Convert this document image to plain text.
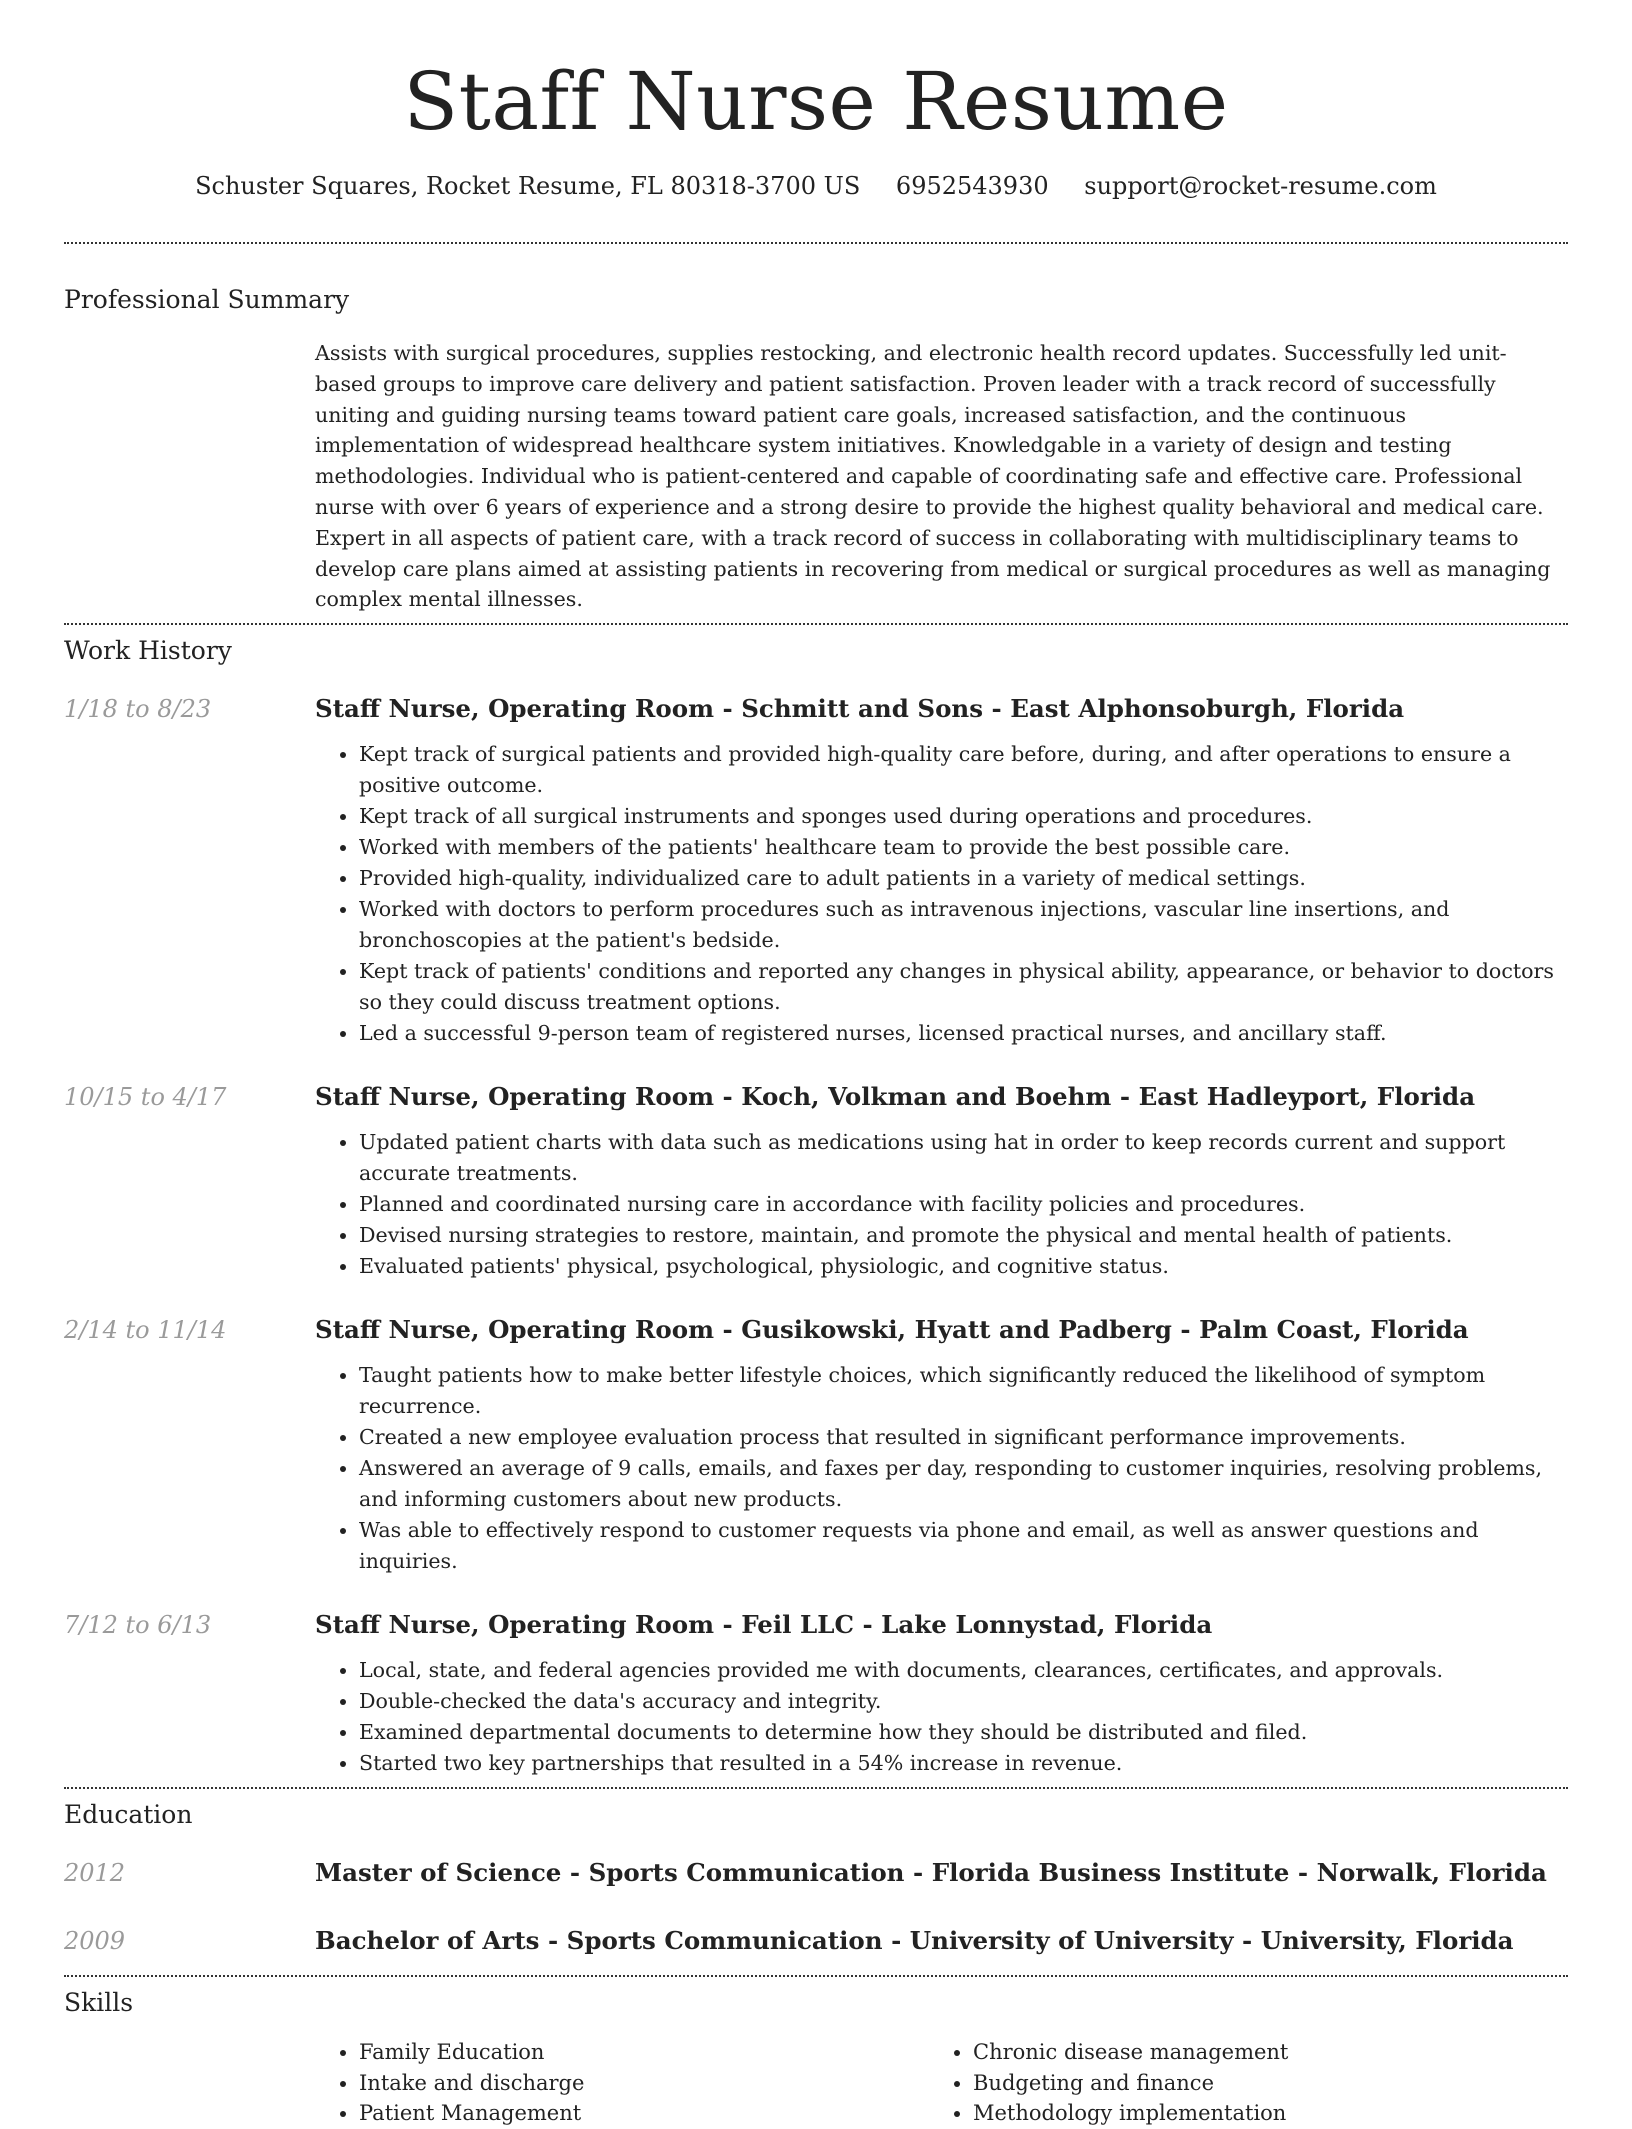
Staff Nurse Resume
Schuster Squares, Rocket Resume, FL 80318-3700 US 6952543930 support@rocket-resume.com
Professional Summary

Assists with surgical procedures, supplies restocking, and electronic health record updates. Successfully led unit-based groups to improve care delivery and patient satisfaction. Proven leader with a track record of successfully uniting and guiding nursing teams toward patient care goals, increased satisfaction, and the continuous implementation of widespread healthcare system initiatives. Knowledgable in a variety of design and testing methodologies. Individual who is patient-centered and capable of coordinating safe and effective care. Professional nurse with over 6 years of experience and a strong desire to provide the highest quality behavioral and medical care. Expert in all aspects of patient care, with a track record of success in collaborating with multidisciplinary teams to develop care plans aimed at assisting patients in recovering from medical or surgical procedures as well as managing complex mental illnesses.

Work History
1/18 to 8/23	Staff Nurse, Operating Room - Schmitt and Sons - East Alphonsoburgh, Florida
• Kept track of surgical patients and provided high-quality care before, during, and after operations to ensure a positive outcome.
• Kept track of all surgical instruments and sponges used during operations and procedures.
• Worked with members of the patients' healthcare team to provide the best possible care.
• Provided high-quality, individualized care to adult patients in a variety of medical settings.
• Worked with doctors to perform procedures such as intravenous injections, vascular line insertions, and bronchoscopies at the patient's bedside.
• Kept track of patients' conditions and reported any changes in physical ability, appearance, or behavior to doctors so they could discuss treatment options.
• Led a successful 9-person team of registered nurses, licensed practical nurses, and ancillary staff.
10/15 to 4/17	Staff Nurse, Operating Room - Koch, Volkman and Boehm - East Hadleyport, Florida
• Updated patient charts with data such as medications using hat in order to keep records current and support accurate treatments.
• Planned and coordinated nursing care in accordance with facility policies and procedures.
• Devised nursing strategies to restore, maintain, and promote the physical and mental health of patients.
• Evaluated patients' physical, psychological, physiologic, and cognitive status.
2/14 to 11/14	Staff Nurse, Operating Room - Gusikowski, Hyatt and Padberg - Palm Coast, Florida
• Taught patients how to make better lifestyle choices, which significantly reduced the likelihood of symptom recurrence.
• Created a new employee evaluation process that resulted in significant performance improvements.
• Answered an average of 9 calls, emails, and faxes per day, responding to customer inquiries, resolving problems, and informing customers about new products.
• Was able to effectively respond to customer requests via phone and email, as well as answer questions and inquiries.
7/12 to 6/13	Staff Nurse, Operating Room - Feil LLC - Lake Lonnystad, Florida
• Local, state, and federal agencies provided me with documents, clearances, certificates, and approvals.
• Double-checked the data's accuracy and integrity.
• Examined departmental documents to determine how they should be distributed and filed.
• Started two key partnerships that resulted in a 54% increase in revenue.
Education
2012	Master of Science - Sports Communication - Florida Business Institute - Norwalk, Florida
2009	Bachelor of Arts - Sports Communication - University of University - University, Florida
Skills
• Family Education
• Intake and discharge
• Patient Management
• Chronic disease management
• Budgeting and finance
• Methodology implementation
